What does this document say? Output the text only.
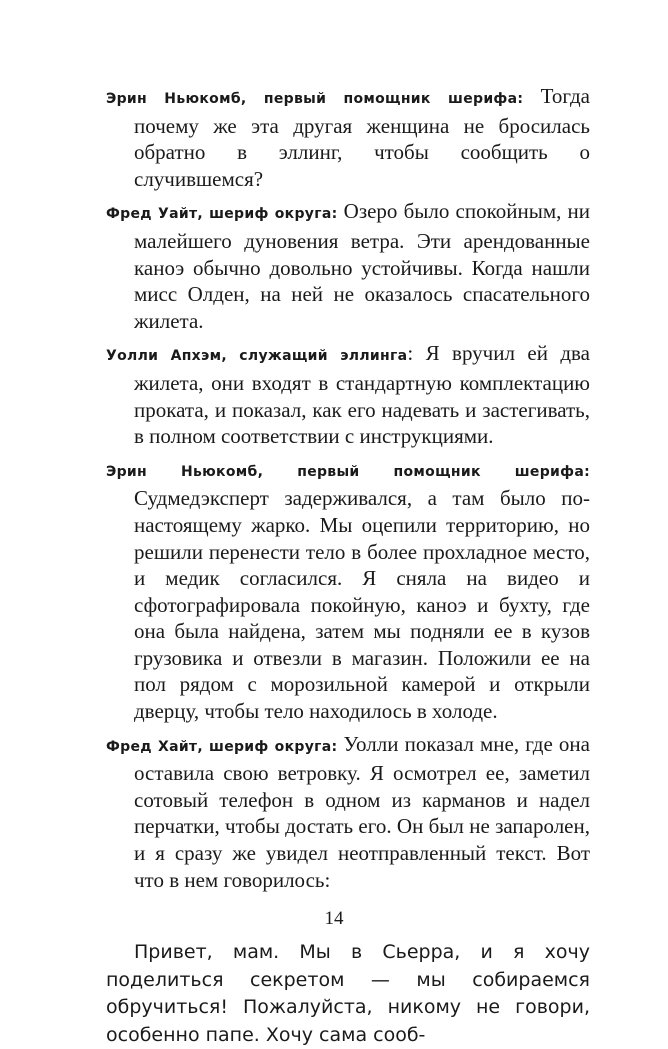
Эрин Ньюкомб, первый помощник шерифа: Тогда почему же эта другая женщина не бросилась обратно в эллинг, чтобы сообщить о случившемся?

Фред Уайт, шериф округа: Озеро было спокойным, ни малейшего дуновения ветра. Эти арендованные каноэ обычно довольно устойчивы. Когда нашли мисс Олден, на ней не оказалось спасательного жилета.

Уолли Апхэм, служащий эллинга: Я вручил ей два жилета, они входят в стандартную комплектацию проката, и показал, как его надевать и застегивать, в полном соответствии с инструкциями.

Эрин Ньюкомб, первый помощник шерифа: Судмедэксперт задерживался, а там было по-настоящему жарко. Мы оцепили территорию, но решили перенести тело в более прохладное место, и медик согласился. Я сняла на видео и сфотографировала покойную, каноэ и бухту, где она была найдена, затем мы подняли ее в кузов грузовика и отвезли в магазин. Положили ее на пол рядом с морозильной камерой и открыли дверцу, чтобы тело находилось в холоде.

Фред Хайт, шериф округа: Уолли показал мне, где она оставила свою ветровку. Я осмотрел ее, заметил сотовый телефон в одном из карманов и надел перчатки, чтобы достать его. Он был не запаролен, и я сразу же увидел неотправленный текст. Вот что в нем говорилось:

Привет, мам. Мы в Сьерра, и я хочу поделиться секретом — мы собираемся обручиться! Пожалуйста, никому не говори, особенно папе. Хочу сама сооб-

14
